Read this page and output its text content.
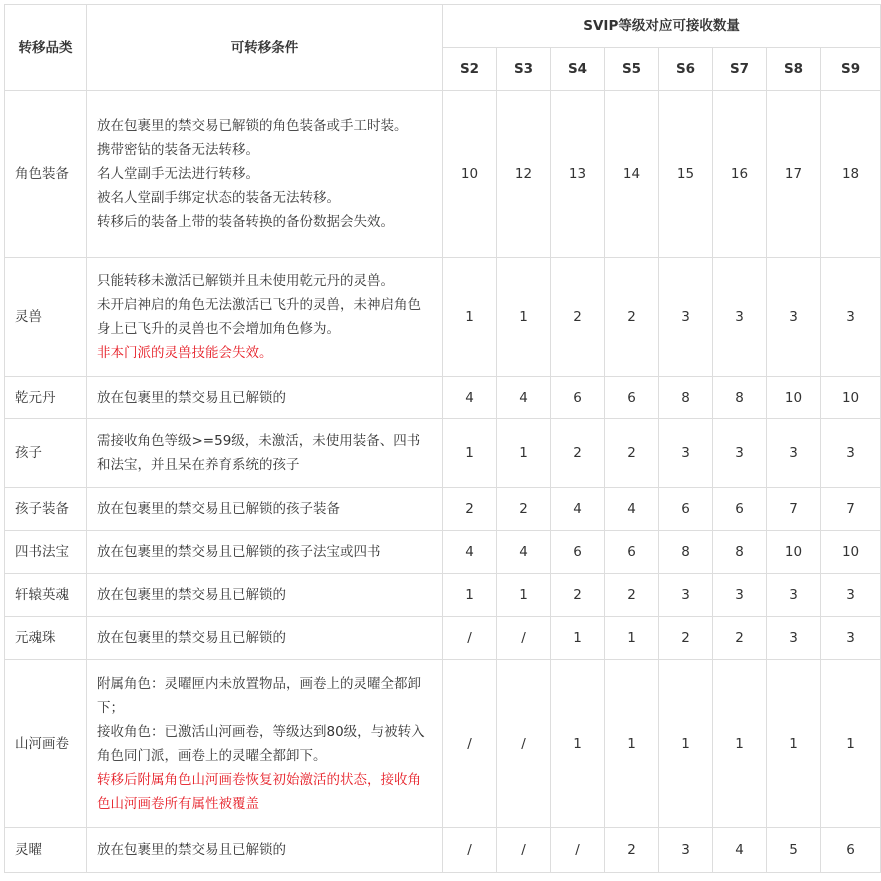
转移品类	可转移条件	SVIP等级对应可接收数量							
		S2	S3	S4	S5	S6	S7	S8	S9
角色装备	放在包裹里的禁交易已解锁的角色装备或手工时装。
携带密钻的装备无法转移。
名人堂副手无法进行转移。
被名人堂副手绑定状态的装备无法转移。
转移后的装备上带的装备转换的备份数据会失效。	10	12	13	14	15	16	17	18
灵兽	只能转移未激活已解锁并且未使用乾元丹的灵兽。
未开启神启的角色无法激活已飞升的灵兽，未神启角色身上已飞升的灵兽也不会增加角色修为。
非本门派的灵兽技能会失效。	1	1	2	2	3	3	3	3
乾元丹	放在包裹里的禁交易且已解锁的	4	4	6	6	8	8	10	10
孩子	需接收角色等级>=59级，未激活，未使用装备、四书和法宝，并且呆在养育系统的孩子	1	1	2	2	3	3	3	3
孩子装备	放在包裹里的禁交易且已解锁的孩子装备	2	2	4	4	6	6	7	7
四书法宝	放在包裹里的禁交易且已解锁的孩子法宝或四书	4	4	6	6	8	8	10	10
轩辕英魂	放在包裹里的禁交易且已解锁的	1	1	2	2	3	3	3	3
元魂珠	放在包裹里的禁交易且已解锁的	/	/	1	1	2	2	3	3
山河画卷	附属角色：灵曜匣内未放置物品，画卷上的灵曜全都卸下；
接收角色：已激活山河画卷，等级达到80级，与被转入角色同门派，画卷上的灵曜全都卸下。
转移后附属角色山河画卷恢复初始激活的状态，接收角色山河画卷所有属性被覆盖	/	/	1	1	1	1	1	1
灵曜	放在包裹里的禁交易且已解锁的	/	/	/	2	3	4	5	6
